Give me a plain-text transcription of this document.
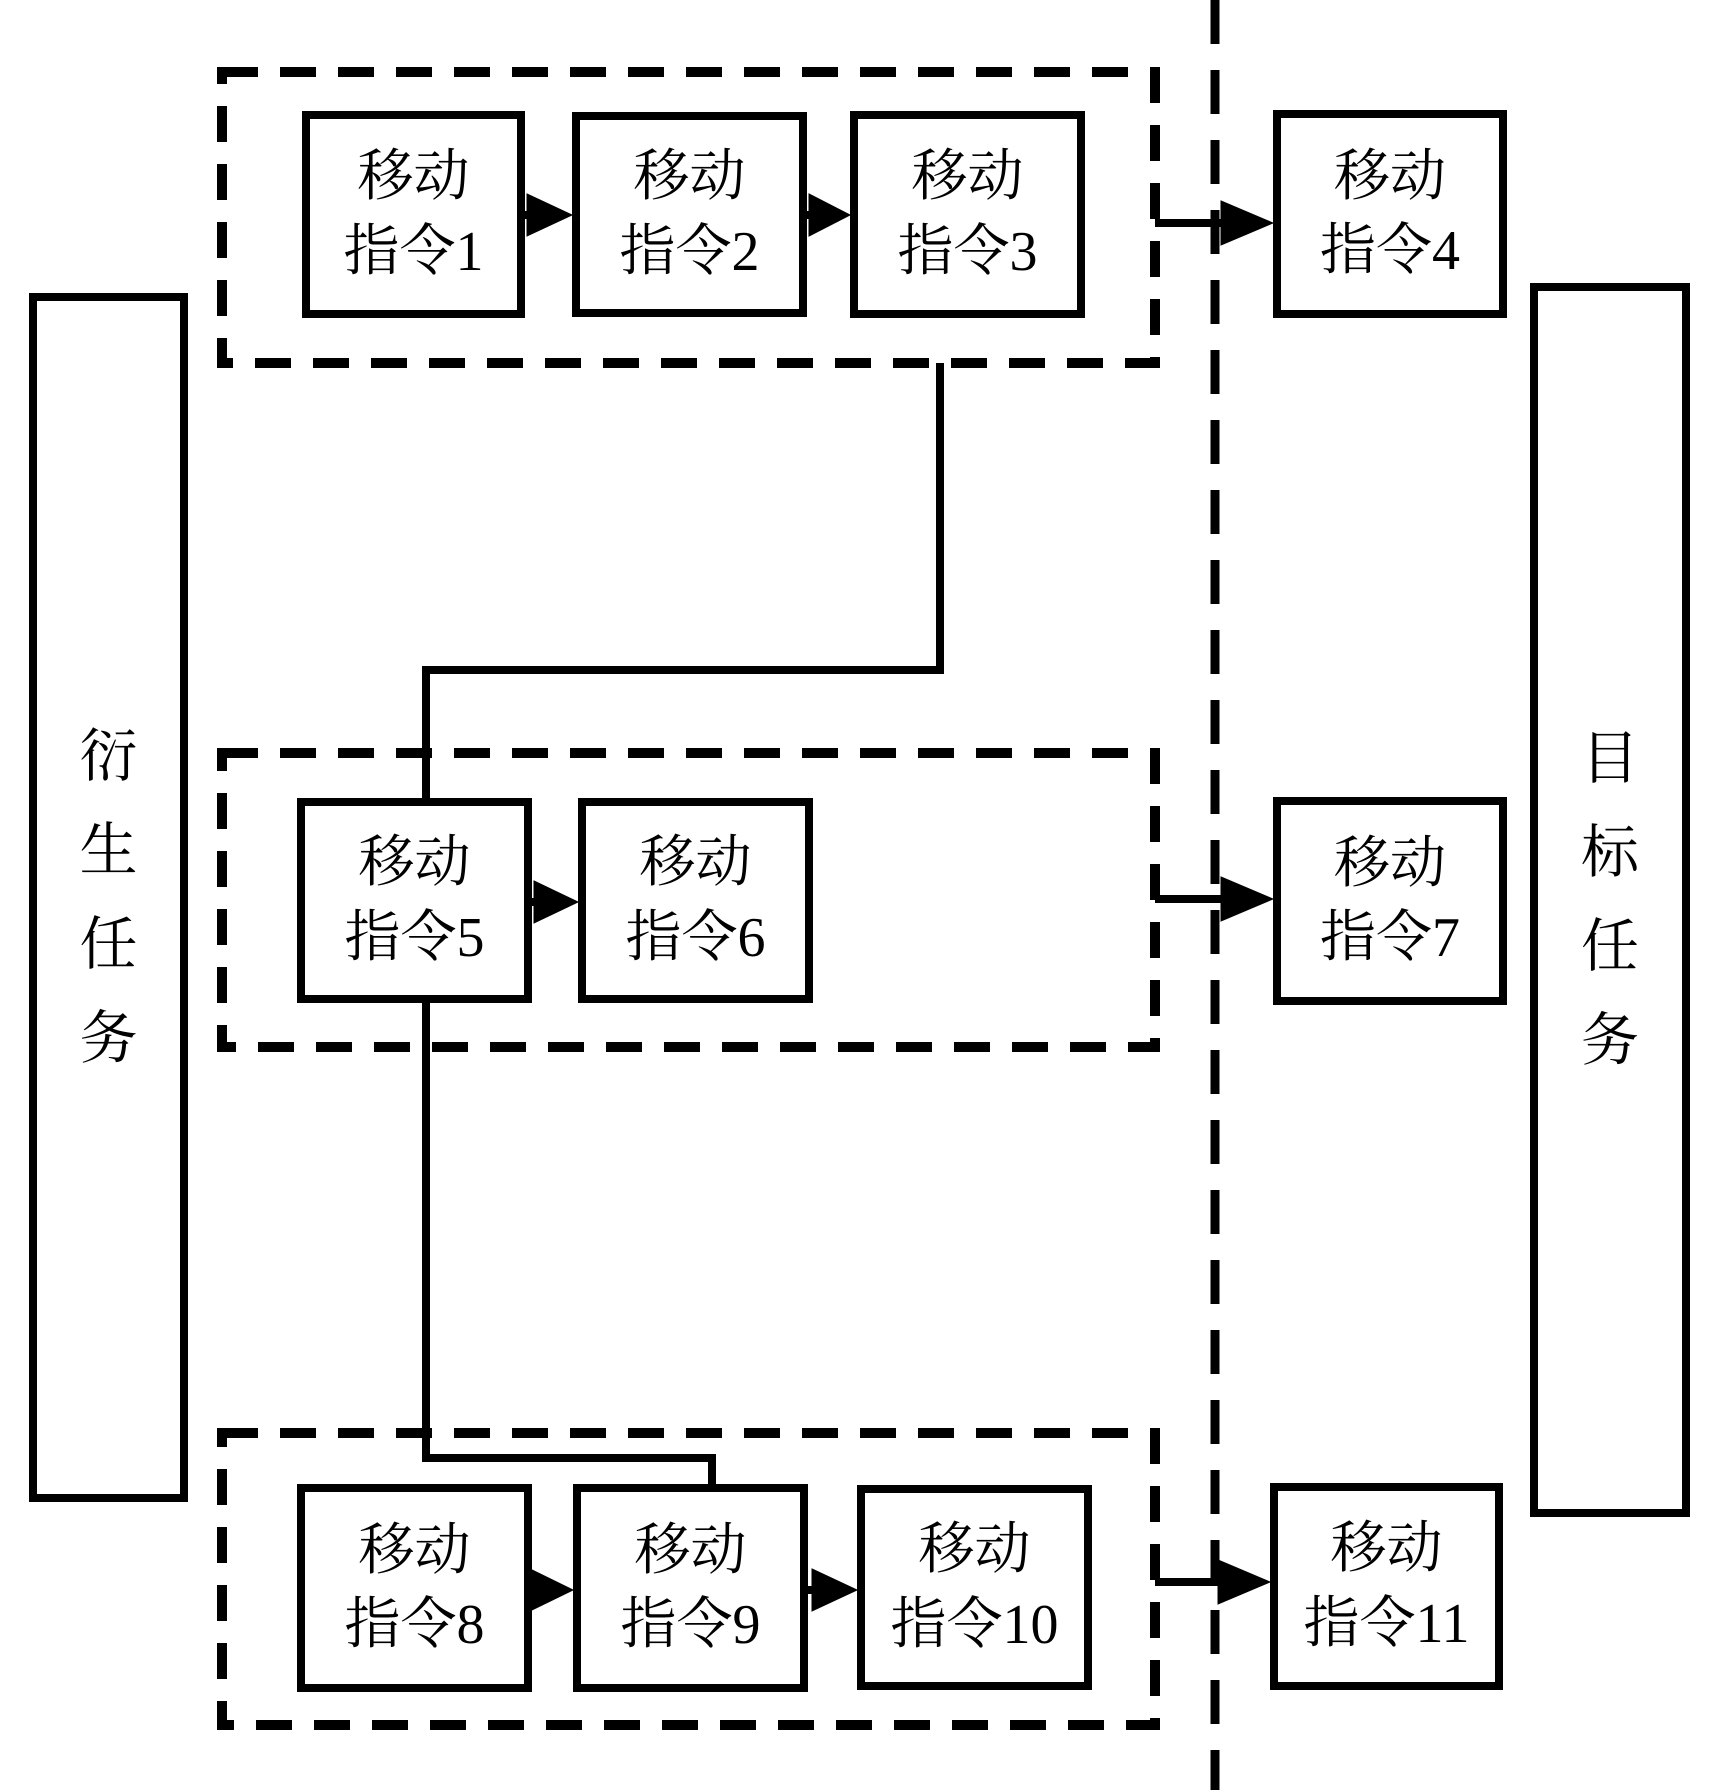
衍
生
任
务
目
标
任
务
移动
指令1
移动
指令2
移动
指令3
移动
指令4
移动
指令5
移动
指令6
移动
指令7
移动
指令8
移动
指令9
移动
指令10
移动
指令11
